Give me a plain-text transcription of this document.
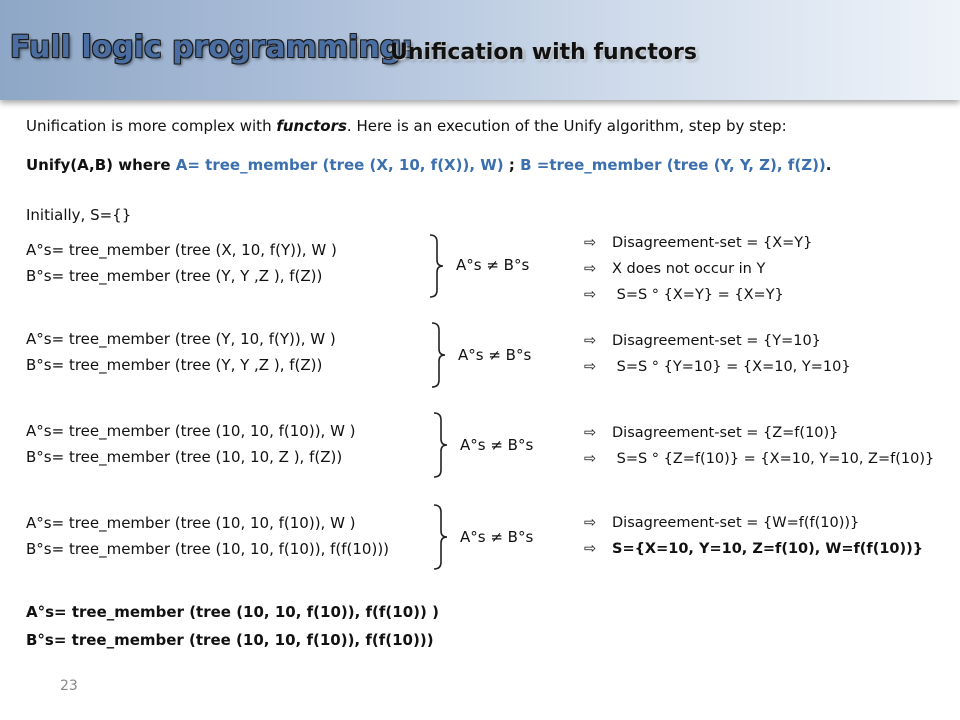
Full logic programming:
Unification with functors
Unification is more complex with functors. Here is an execution of the Unify algorithm, step by step:
Unify(A,B) where A= tree_member (tree (X, 10, f(X)), W) ; B =tree_member (tree (Y, Y, Z), f(Z)).
Initially, S={}
A°s= tree_member (tree (X, 10, f(Y)), W )
B°s= tree_member (tree (Y, Y ,Z ), f(Z))
A°s ≠ B°s
⇨ Disagreement-set = {X=Y}
⇨ X does not occur in Y
⇨ S=S ° {X=Y} = {X=Y}
A°s= tree_member (tree (Y, 10, f(Y)), W )
B°s= tree_member (tree (Y, Y ,Z ), f(Z))
A°s ≠ B°s
⇨ Disagreement-set = {Y=10}
⇨ S=S ° {Y=10} = {X=10, Y=10}
A°s= tree_member (tree (10, 10, f(10)), W )
B°s= tree_member (tree (10, 10, Z ), f(Z))
A°s ≠ B°s
⇨ Disagreement-set = {Z=f(10)}
⇨ S=S ° {Z=f(10)} = {X=10, Y=10, Z=f(10)}
A°s= tree_member (tree (10, 10, f(10)), W )
B°s= tree_member (tree (10, 10, f(10)), f(f(10)))
A°s ≠ B°s
⇨ Disagreement-set = {W=f(f(10))}
⇨ S={X=10, Y=10, Z=f(10), W=f(f(10))}
A°s= tree_member (tree (10, 10, f(10)), f(f(10)) )
B°s= tree_member (tree (10, 10, f(10)), f(f(10)))
23
